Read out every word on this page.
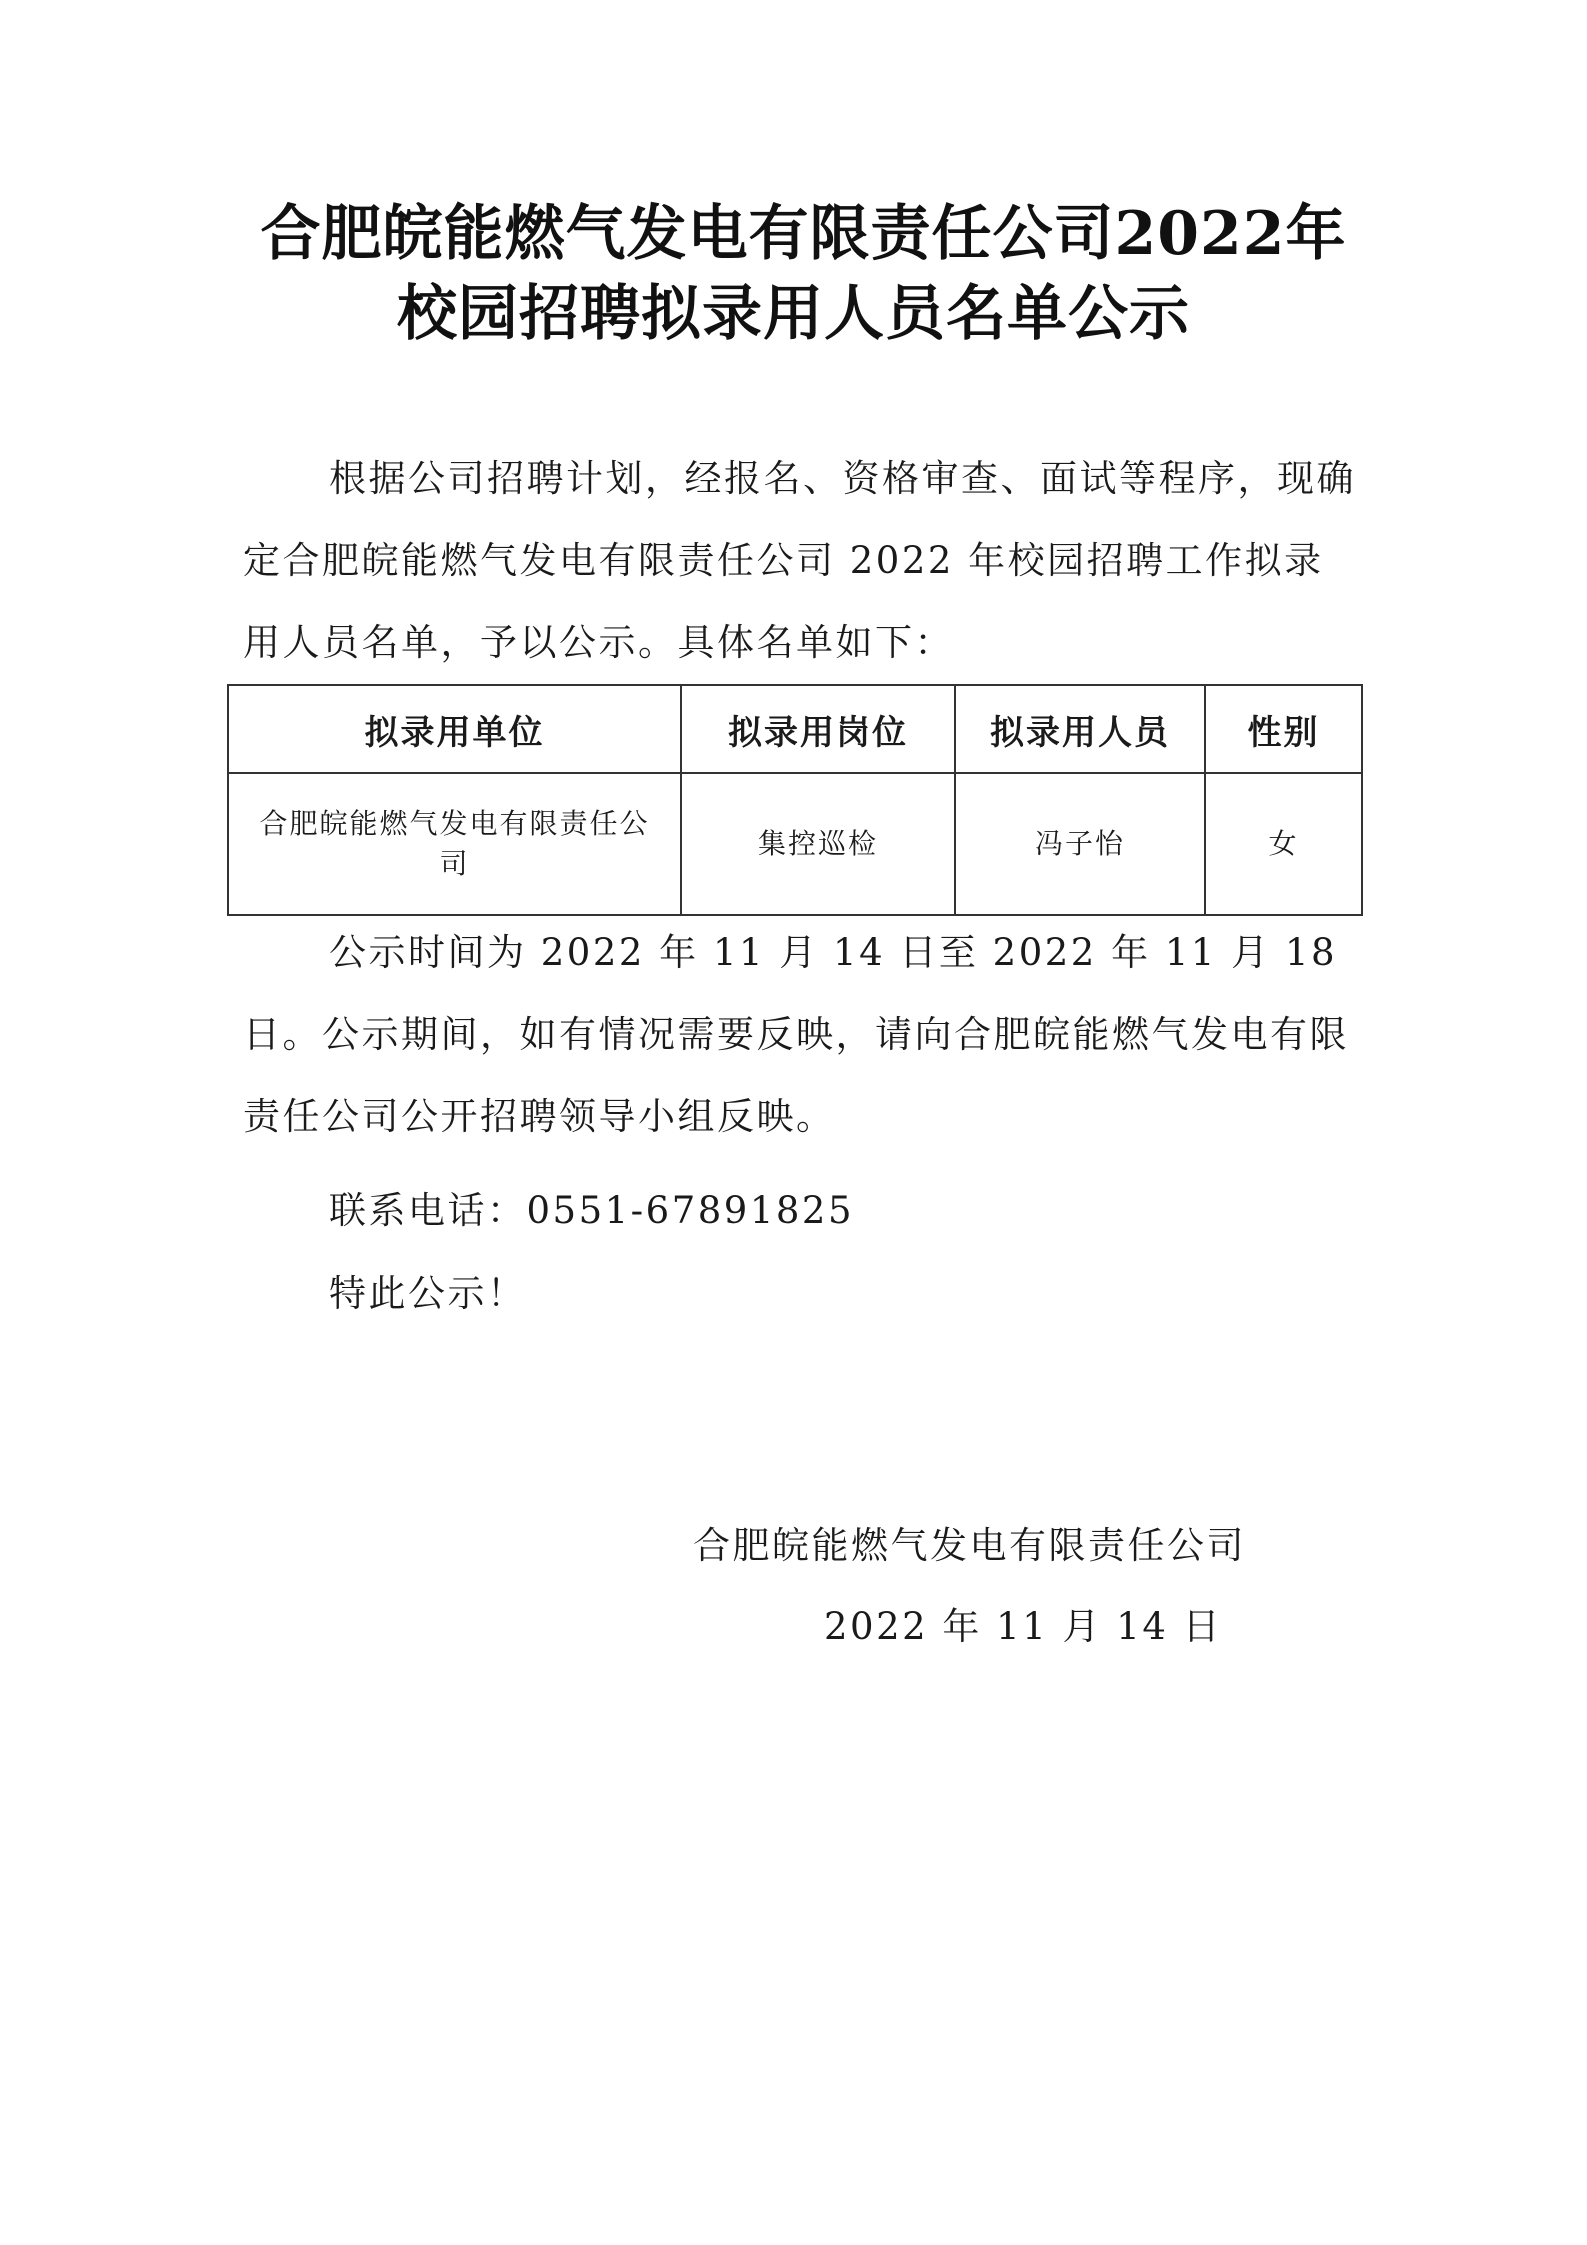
合肥皖能燃气发电有限责任公司2022年
校园招聘拟录用人员名单公示
根据公司招聘计划，经报名、资格审查、面试等程序，现确定合肥皖能燃气发电有限责任公司 2022 年校园招聘工作拟录用人员名单，予以公示。具体名单如下：
拟录用单位	拟录用岗位	拟录用人员	性别
合肥皖能燃气发电有限责任公司	集控巡检	冯子怡	女
公示时间为 2022 年 11 月 14 日至 2022 年 11 月 18 日。公示期间，如有情况需要反映，请向合肥皖能燃气发电有限责任公司公开招聘领导小组反映。
联系电话：0551-67891825
特此公示！
合肥皖能燃气发电有限责任公司
2022 年 11 月 14 日
